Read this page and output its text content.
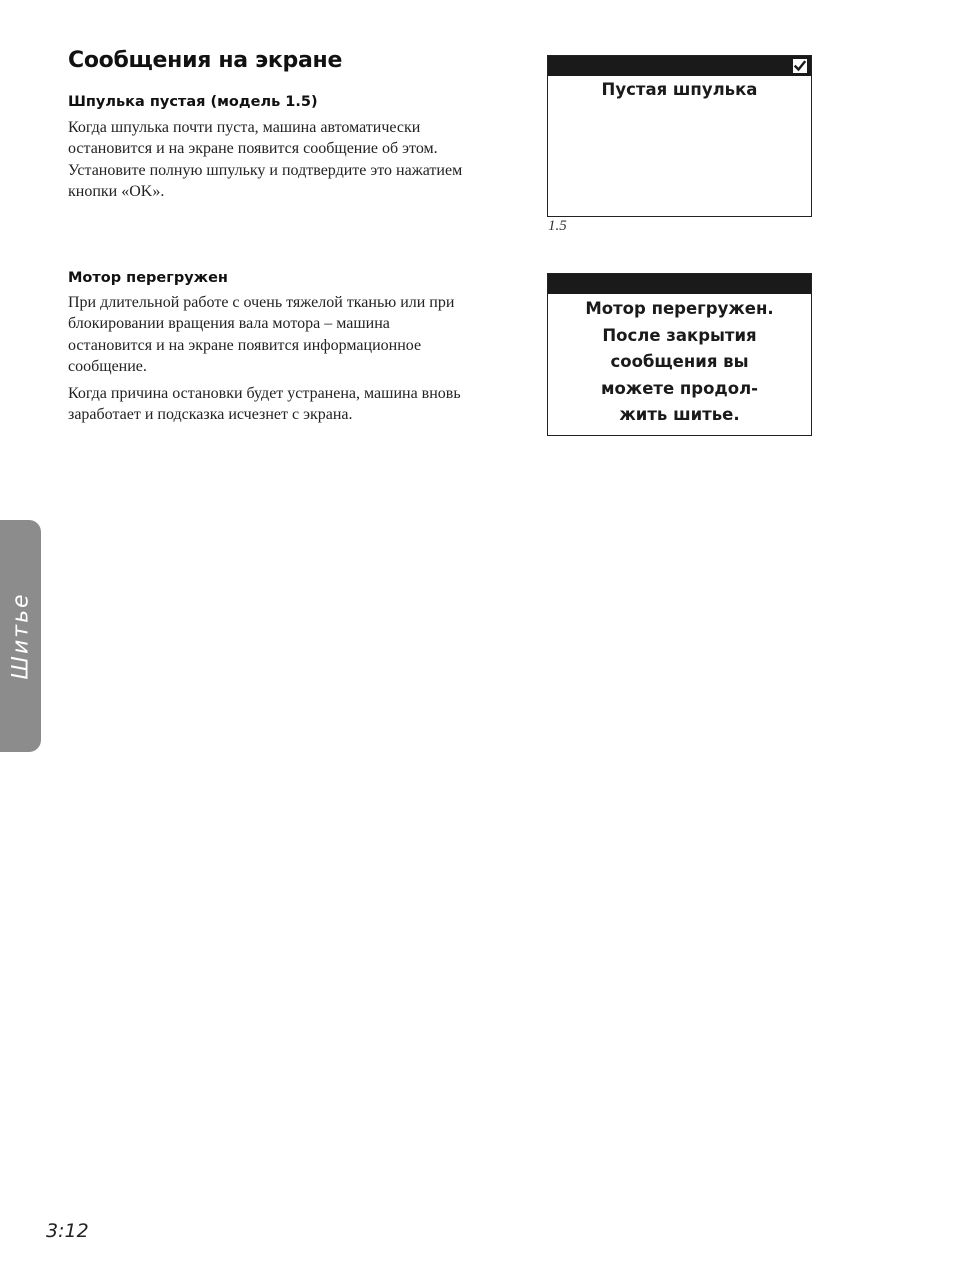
Сообщения на экране
Шпулька пустая (модель 1.5)
Когда шпулька почти пуста, машина автоматически остановится и на экране появится сообщение об этом. Установите полную шпульку и подтвердите это нажатием кнопки «OK».
Мотор перегружен
При длительной работе с очень тяжелой тканью или при блокировании вращения вала мотора – машина остановится и на экране появится информационное сообщение.
Когда причина остановки будет устранена, машина вновь заработает и подсказка исчезнет с экрана.
Пустая шпулька
1.5
Мотор перегружен.
После закрытия
сообщения вы
можете продол-
жить шитье.
Шитье
3:12
